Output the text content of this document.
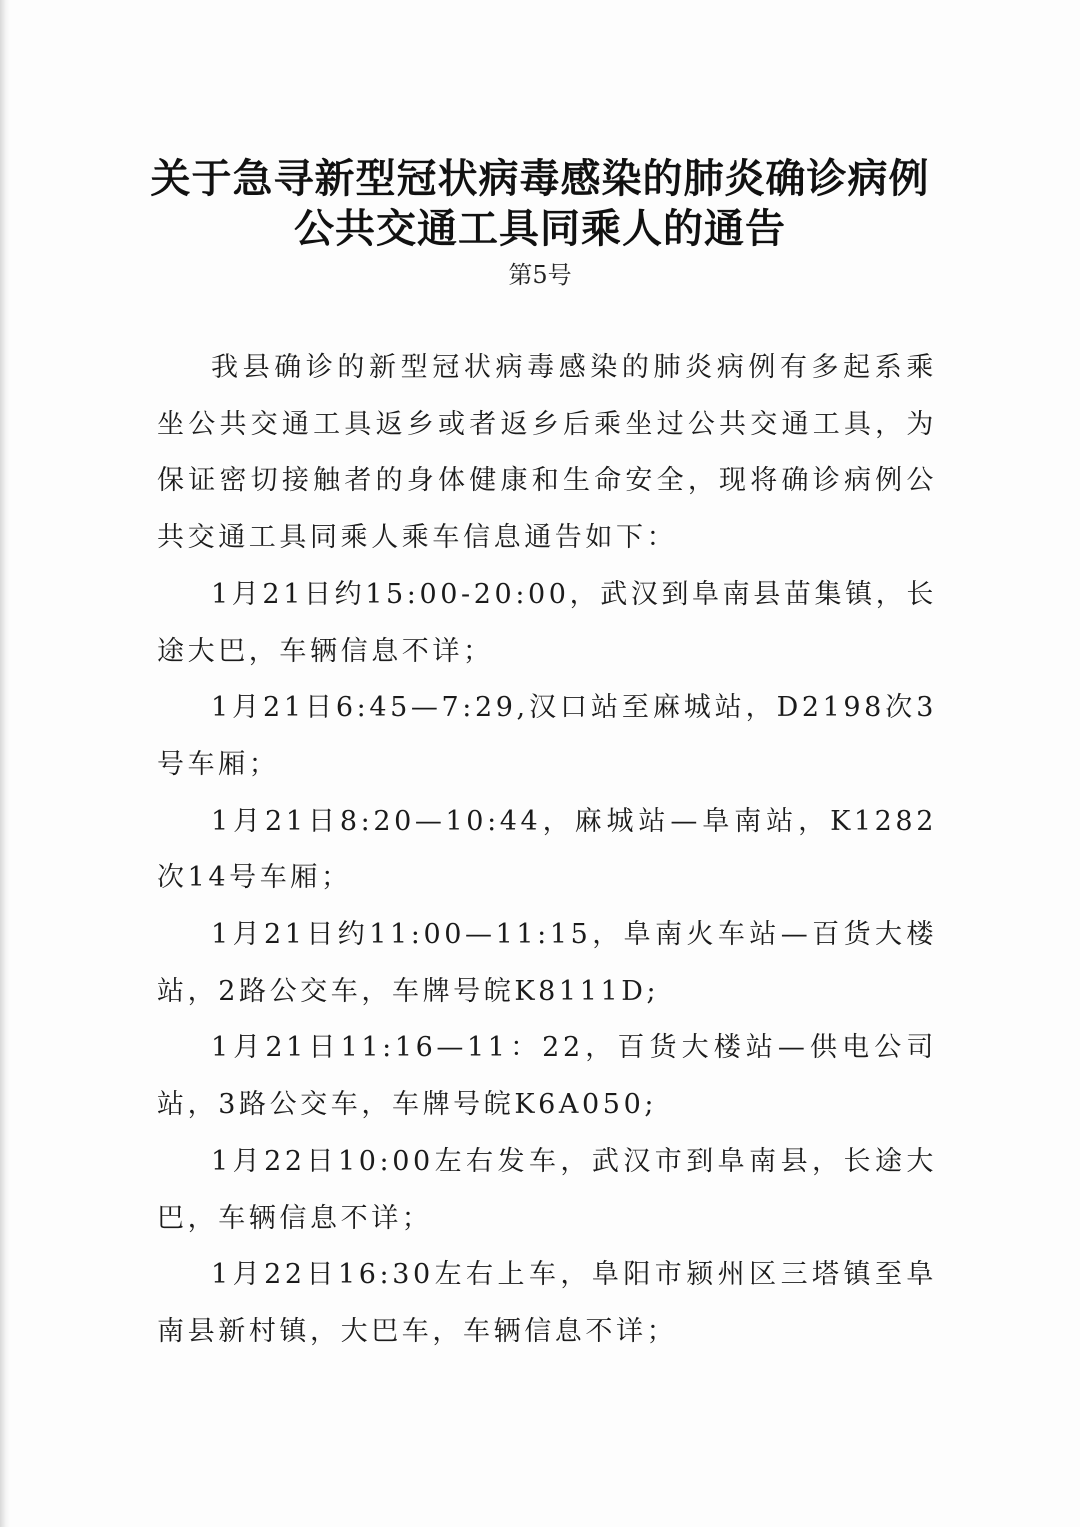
关于急寻新型冠状病毒感染的肺炎确诊病例
公共交通工具同乘人的通告
第5号

我县确诊的新型冠状病毒感染的肺炎病例有多起系乘坐公共交通工具返乡或者返乡后乘坐过公共交通工具，为保证密切接触者的身体健康和生命安全，现将确诊病例公共交通工具同乘人乘车信息通告如下：

1月21日约15:00-20:00，武汉到阜南县苗集镇，长途大巴，车辆信息不详；

1月21日6:45—7:29,汉口站至麻城站，D2198次3号车厢；

1月21日8:20—10:44，麻城站—阜南站，K1282次14号车厢；

1月21日约11:00—11:15，阜南火车站—百货大楼站，2路公交车，车牌号皖K8111D;

1月21日11:16—11：22，百货大楼站—供电公司站，3路公交车，车牌号皖K6A050;

1月22日10:00左右发车，武汉市到阜南县，长途大巴，车辆信息不详；

1月22日16:30左右上车，阜阳市颍州区三塔镇至阜南县新村镇，大巴车，车辆信息不详；
